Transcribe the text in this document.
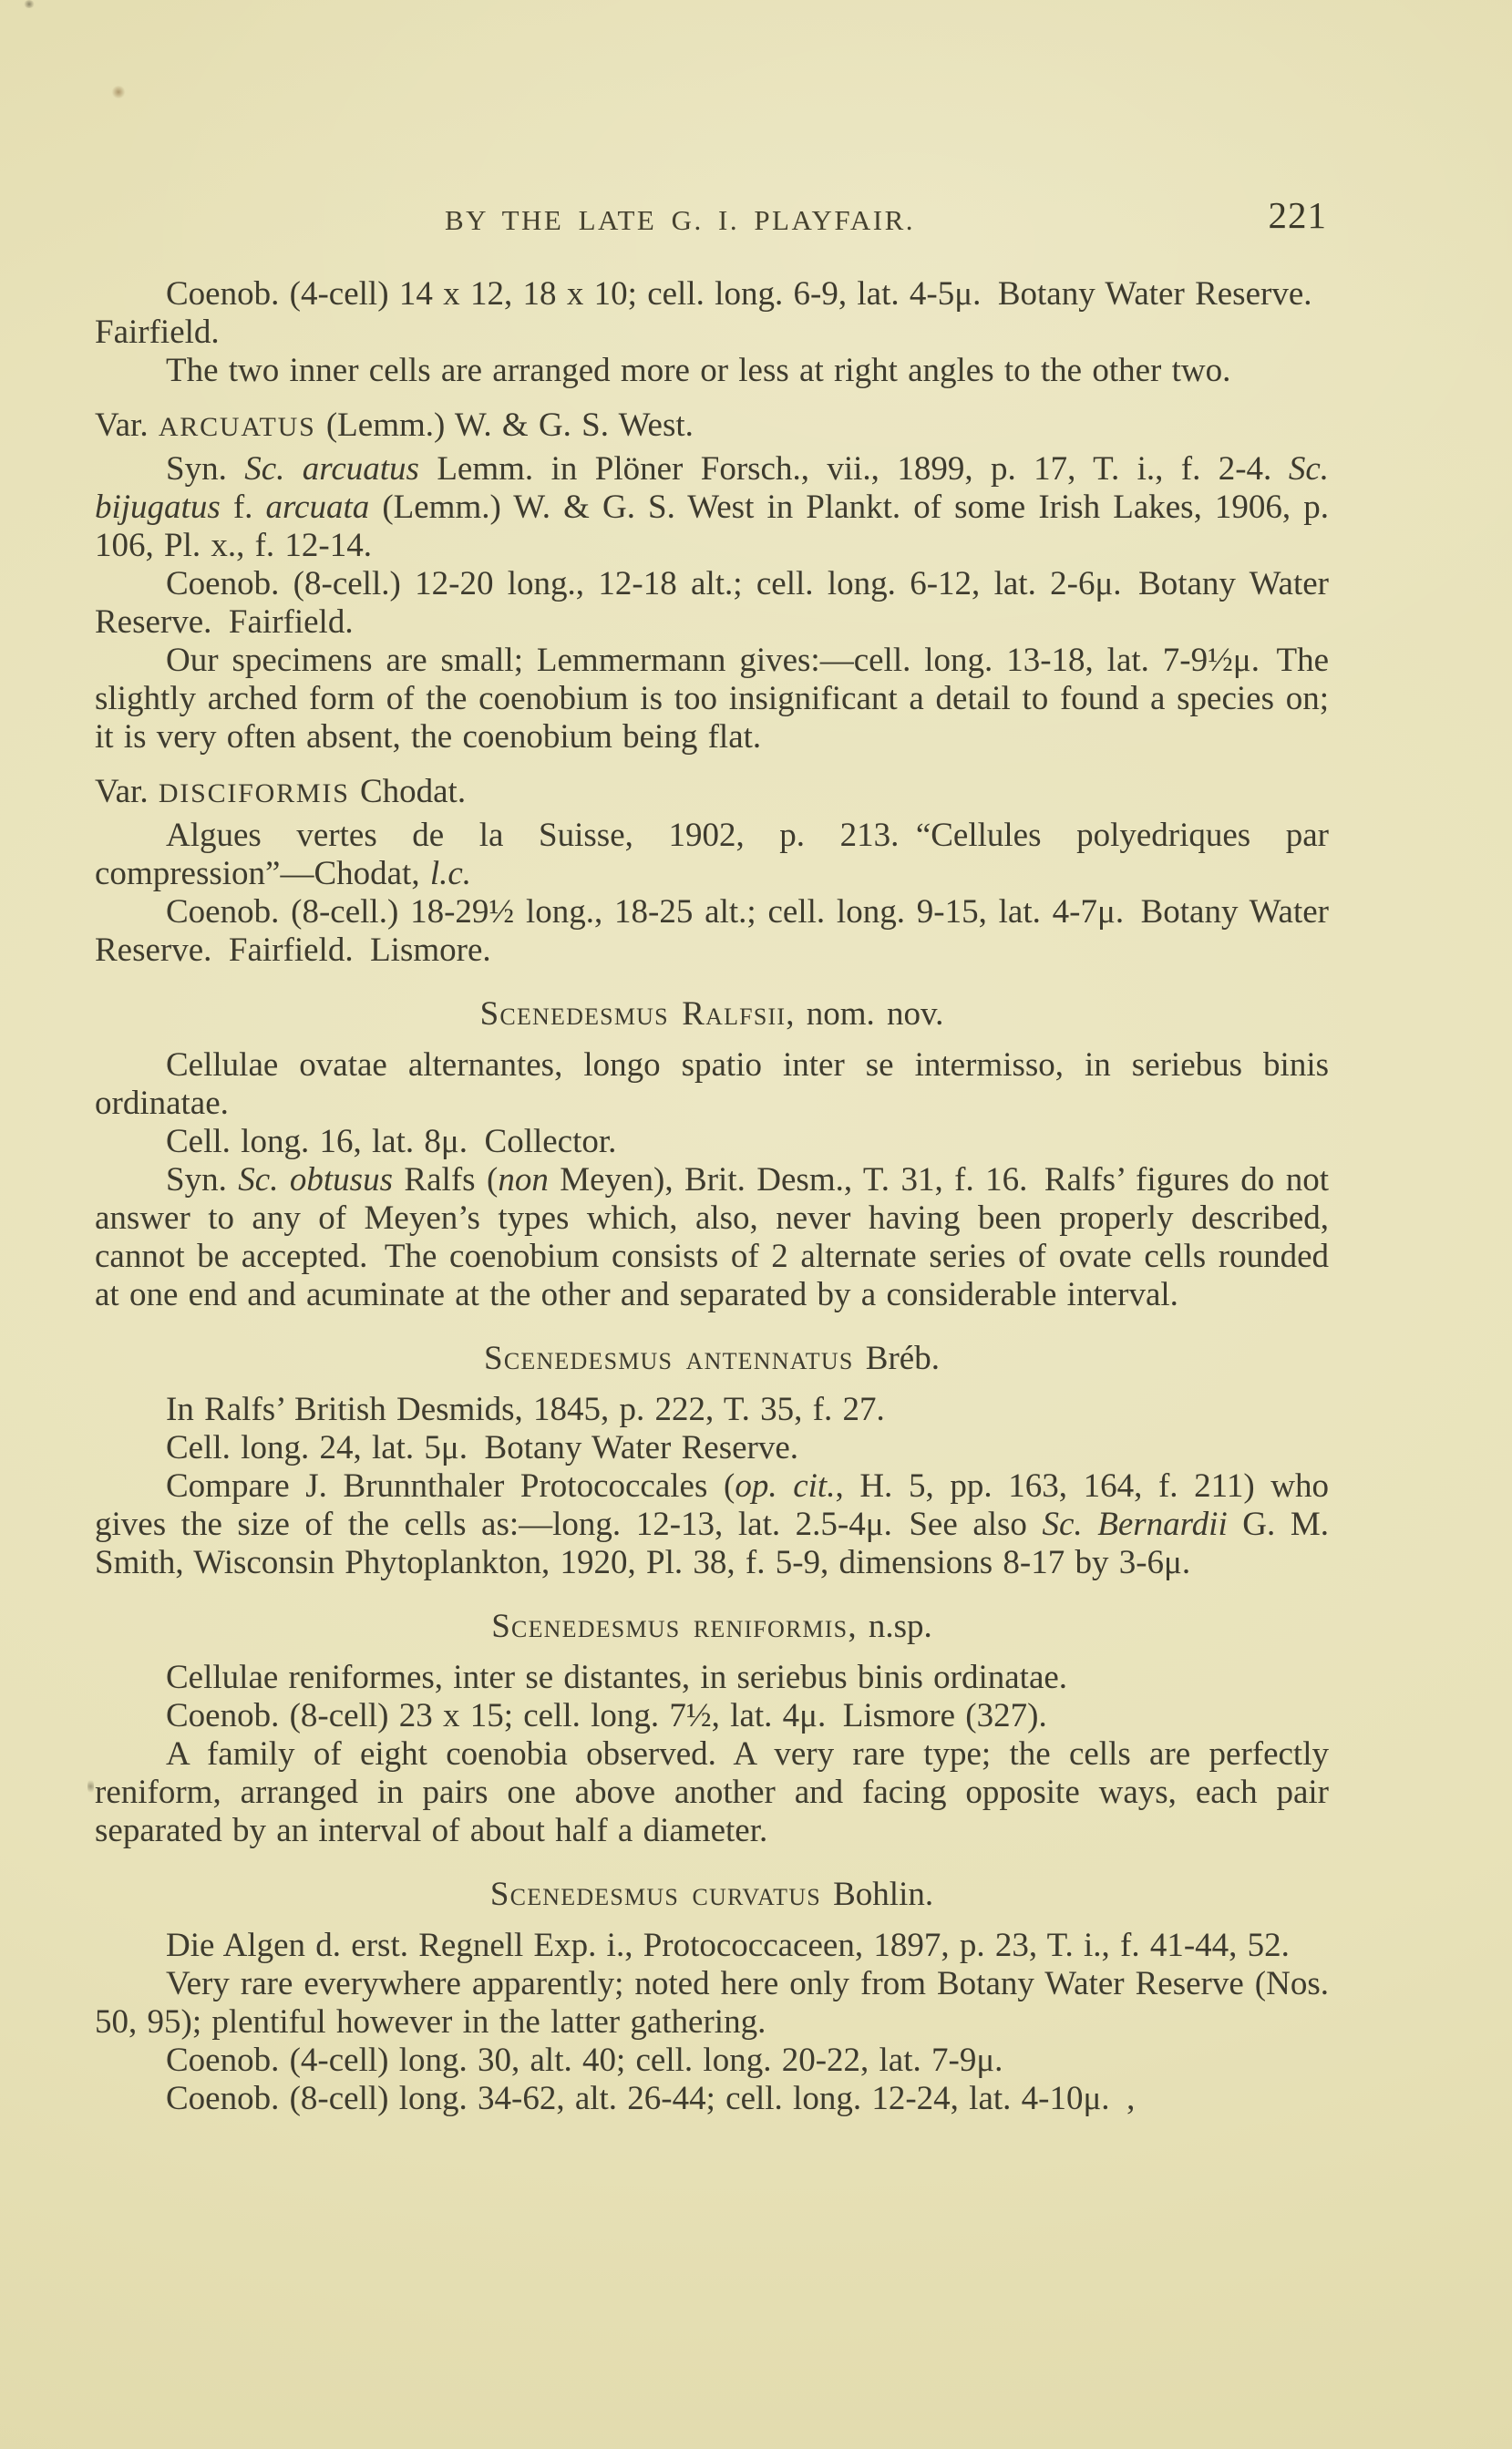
BY THE LATE G. I. PLAYFAIR.	221

Coenob. (4-cell) 14 x 12, 18 x 10; cell. long. 6-9, lat. 4-5μ. Botany Water Reserve. Fairfield.

The two inner cells are arranged more or less at right angles to the other two.

Var. ARCUATUS (Lemm.) W. & G. S. West.

Syn. Sc. arcuatus Lemm. in Plöner Forsch., vii., 1899, p. 17, T. i., f. 2-4. Sc. bijugatus f. arcuata (Lemm.) W. & G. S. West in Plankt. of some Irish Lakes, 1906, p. 106, Pl. x., f. 12-14.

Coenob. (8-cell.) 12-20 long., 12-18 alt.; cell. long. 6-12, lat. 2-6μ. Botany Water Reserve. Fairfield.

Our specimens are small; Lemmermann gives:—cell. long. 13-18, lat. 7-9½μ. The slightly arched form of the coenobium is too insignificant a detail to found a species on; it is very often absent, the coenobium being flat.

Var. DISCIFORMIS Chodat.

Algues vertes de la Suisse, 1902, p. 213. “Cellules polyedriques par compression”—Chodat, l.c.

Coenob. (8-cell.) 18-29½ long., 18-25 alt.; cell. long. 9-15, lat. 4-7μ. Botany Water Reserve. Fairfield. Lismore.

Scenedesmus Ralfsii, nom. nov.

Cellulae ovatae alternantes, longo spatio inter se intermisso, in seriebus binis ordinatae.

Cell. long. 16, lat. 8μ. Collector.

Syn. Sc. obtusus Ralfs (non Meyen), Brit. Desm., T. 31, f. 16. Ralfs’ figures do not answer to any of Meyen’s types which, also, never having been properly described, cannot be accepted. The coenobium consists of 2 alternate series of ovate cells rounded at one end and acuminate at the other and separated by a considerable interval.

Scenedesmus antennatus Bréb.

In Ralfs’ British Desmids, 1845, p. 222, T. 35, f. 27.

Cell. long. 24, lat. 5μ. Botany Water Reserve.

Compare J. Brunnthaler Protococcales (op. cit., H. 5, pp. 163, 164, f. 211) who gives the size of the cells as:—long. 12-13, lat. 2.5-4μ. See also Sc. Bernardii G. M. Smith, Wisconsin Phytoplankton, 1920, Pl. 38, f. 5-9, dimensions 8-17 by 3-6μ.

Scenedesmus reniformis, n.sp.

Cellulae reniformes, inter se distantes, in seriebus binis ordinatae.

Coenob. (8-cell) 23 x 15; cell. long. 7½, lat. 4μ. Lismore (327).

A family of eight coenobia observed. A very rare type; the cells are perfectly reniform, arranged in pairs one above another and facing opposite ways, each pair separated by an interval of about half a diameter.

Scenedesmus curvatus Bohlin.

Die Algen d. erst. Regnell Exp. i., Protococcaceen, 1897, p. 23, T. i., f. 41-44, 52.

Very rare everywhere apparently; noted here only from Botany Water Reserve (Nos. 50, 95); plentiful however in the latter gathering.

Coenob. (4-cell) long. 30, alt. 40; cell. long. 20-22, lat. 7-9μ.

Coenob. (8-cell) long. 34-62, alt. 26-44; cell. long. 12-24, lat. 4-10μ. ,
